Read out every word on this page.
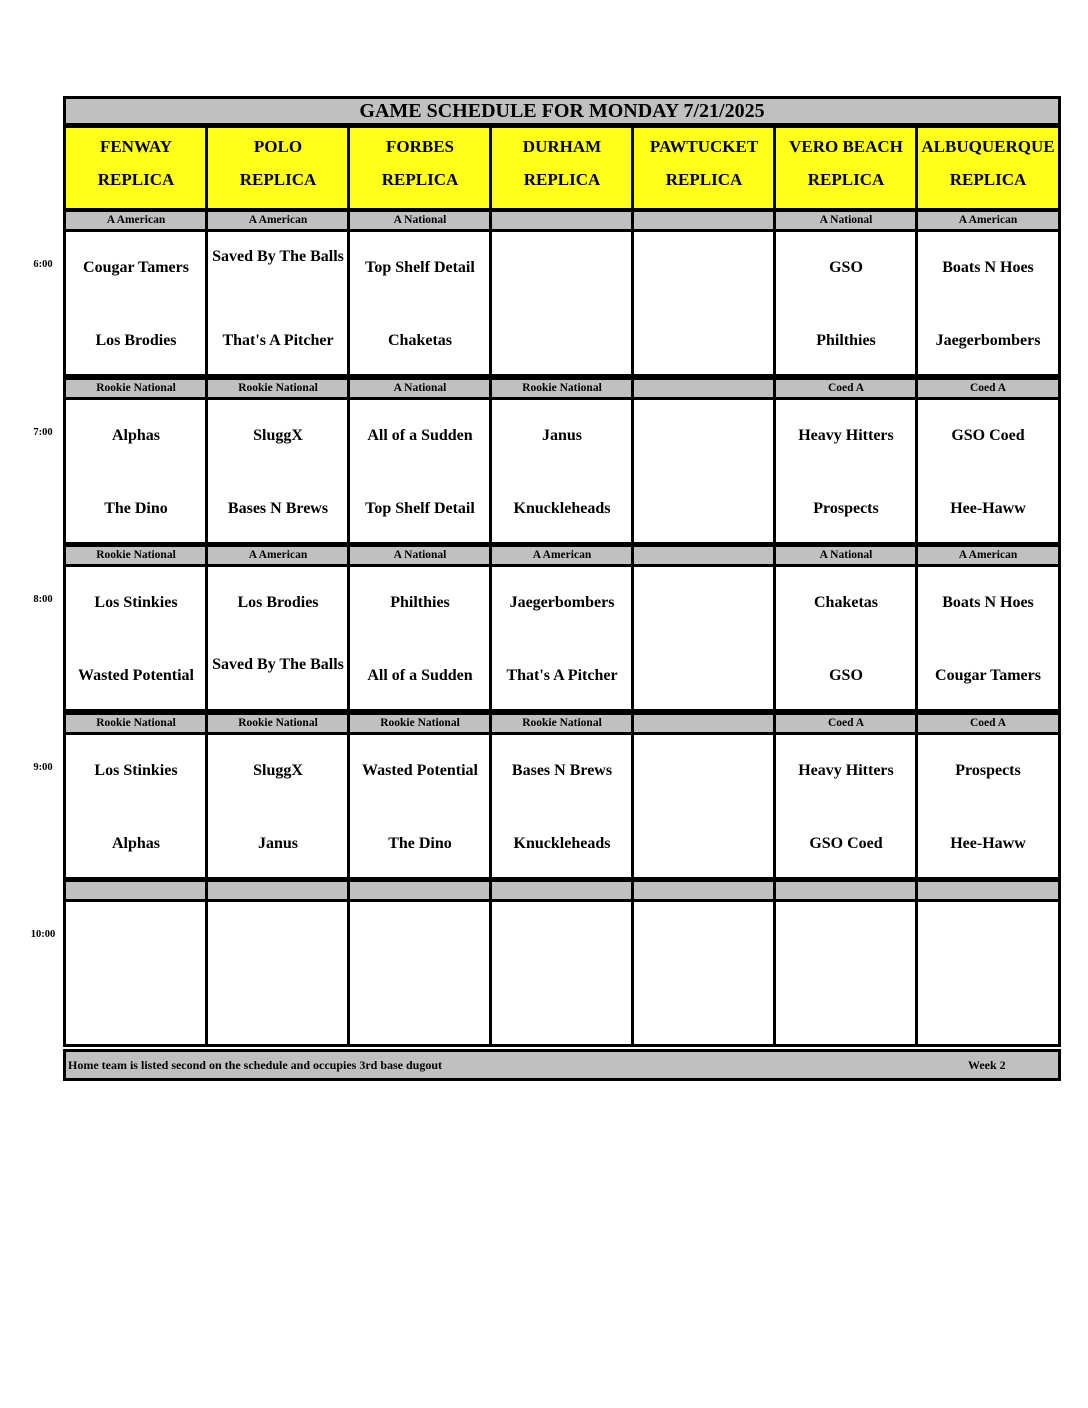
GAME SCHEDULE FOR MONDAY 7/21/2025
FENWAY
REPLICA
POLO
REPLICA
FORBES
REPLICA
DURHAM
REPLICA
PAWTUCKET
REPLICA
VERO BEACH
REPLICA
ALBUQUERQUE
REPLICA
A American
Cougar Tamers
Los Brodies
A American
Saved By The Balls
That's A Pitcher
A National
Top Shelf Detail
Chaketas
A National
GSO
Philthies
A American
Boats N Hoes
Jaegerbombers
Rookie National
Alphas
The Dino
Rookie National
SluggX
Bases N Brews
A National
All of a Sudden
Top Shelf Detail
Rookie National
Janus
Knuckleheads
Coed A
Heavy Hitters
Prospects
Coed A
GSO Coed
Hee-Haww
Rookie National
Los Stinkies
Wasted Potential
A American
Los Brodies
Saved By The Balls
A National
Philthies
All of a Sudden
A American
Jaegerbombers
That's A Pitcher
A National
Chaketas
GSO
A American
Boats N Hoes
Cougar Tamers
Rookie National
Los Stinkies
Alphas
Rookie National
SluggX
Janus
Rookie National
Wasted Potential
The Dino
Rookie National
Bases N Brews
Knuckleheads
Coed A
Heavy Hitters
GSO Coed
Coed A
Prospects
Hee-Haww
Home team is listed second on the schedule and occupies 3rd base dugout	Week 2
6:00
7:00
8:00
9:00
10:00
